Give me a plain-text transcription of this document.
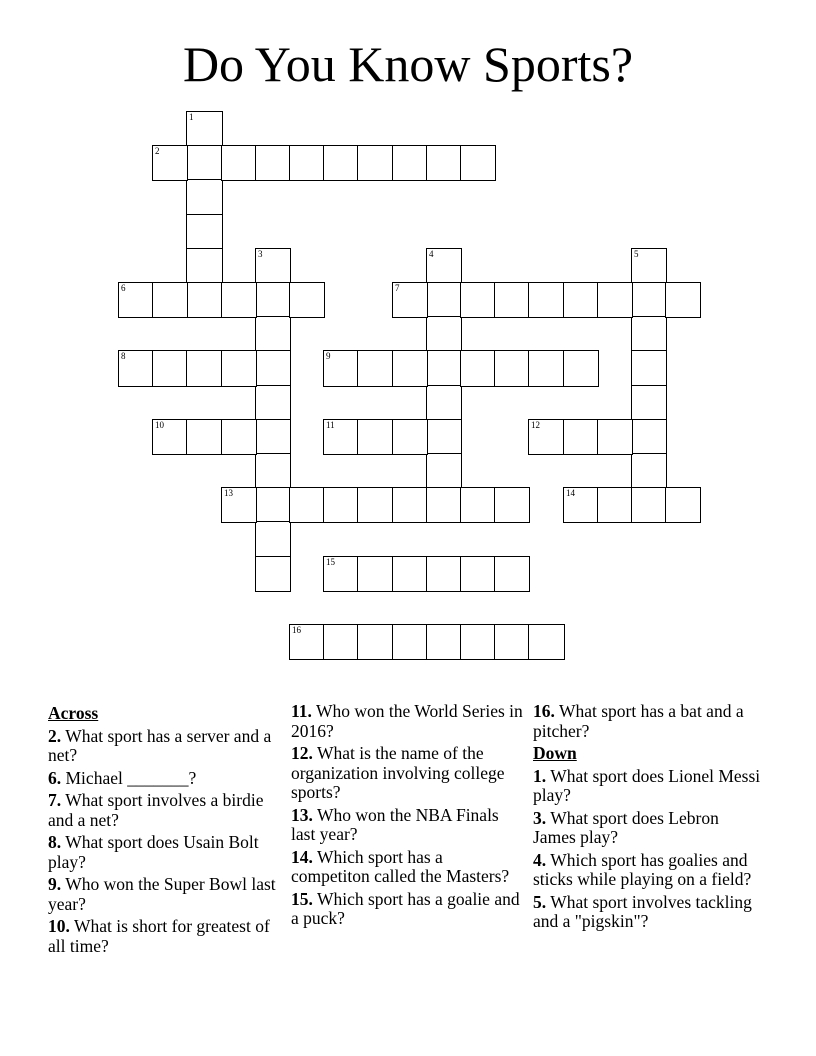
Do You Know Sports?
1
2
3	4	5
6	7
8	9
10	11	12
13	14
15
16
Across
2. What sport has a server and a net?
6. Michael _______?
7. What sport involves a birdie and a net?
8. What sport does Usain Bolt play?
9. Who won the Super Bowl last year?
10. What is short for greatest of all time?
11. Who won the World Series in 2016?
12. What is the name of the organization involving college sports?
13. Who won the NBA Finals last year?
14. Which sport has a competiton called the Masters?
15. Which sport has a goalie and a puck?
16. What sport has a bat and a pitcher?
Down
1. What sport does Lionel Messi play?
3. What sport does Lebron James play?
4. Which sport has goalies and sticks while playing on a field?
5. What sport involves tackling and a "pigskin"?
